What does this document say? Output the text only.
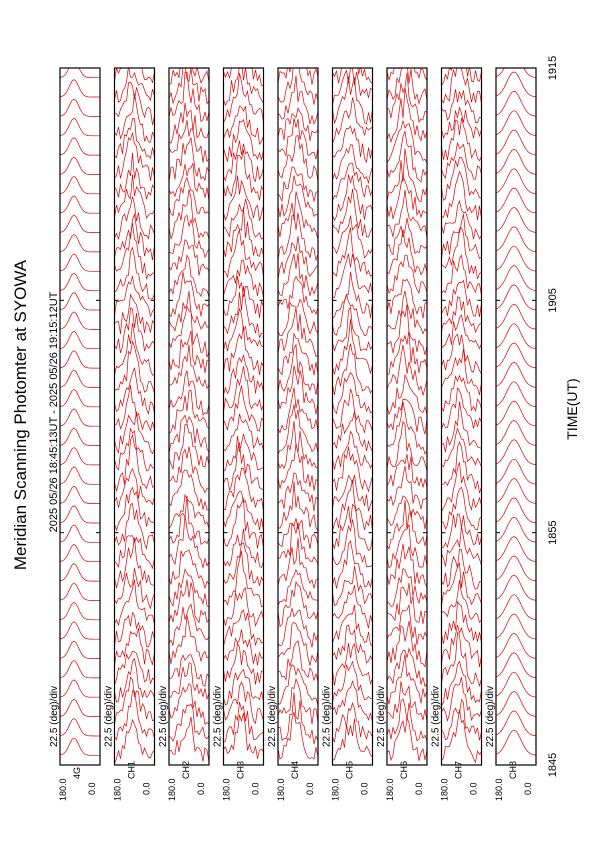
Meridian Scanning Photomter at SYOWA 2025 05/26 18:45:13UT - 2025 05/26 19:15:12UT	TIME(UT)
22.5 (deg)/div
180.0 0.0
4G
22.5 (deg)/div
180.0 0.0
CH1
22.5 (deg)/div
180.0 0.0
CH2
22.5 (deg)/div
180.0 0.0
CH3
22.5 (deg)/div
180.0 0.0
CH4
22.5 (deg)/div
180.0 0.0
CH5
22.5 (deg)/div
180.0 0.0
CH6
22.5 (deg)/div
180.0 0.0
CH7
22.5 (deg)/div
180.0 0.0
CH8	1845
1855
1905
1915
